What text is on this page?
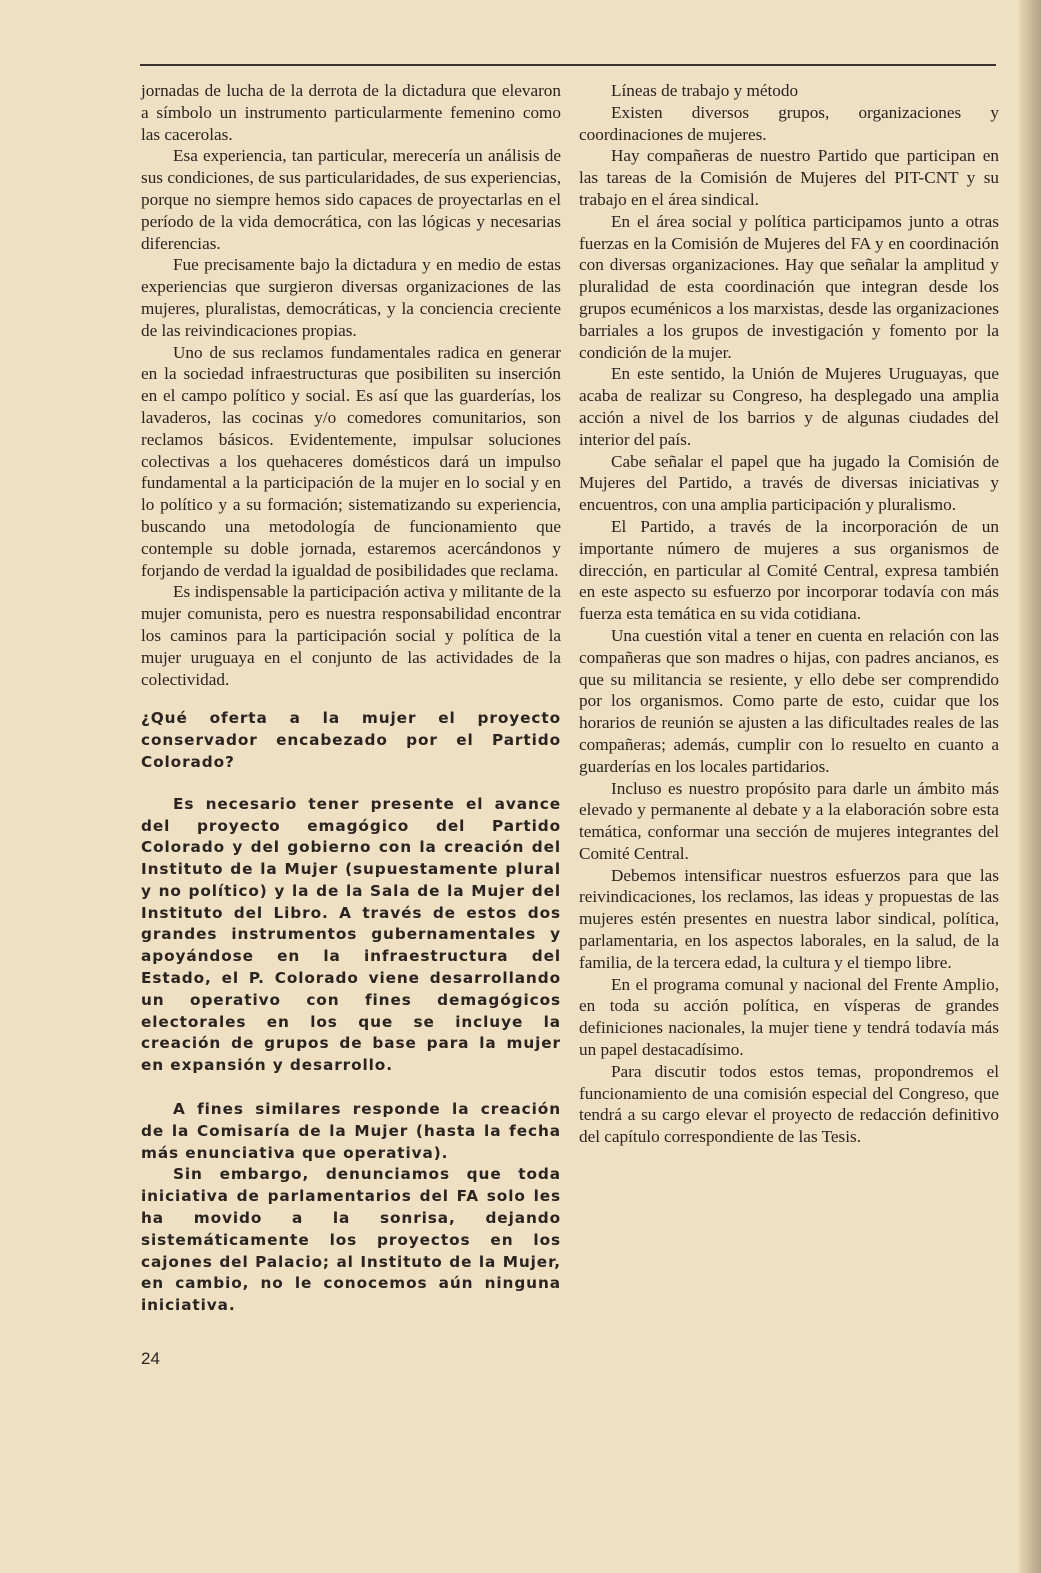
jornadas de lucha de la derrota de la dictadura que elevaron a símbolo un instrumento particularmente femenino como las cacerolas.

Esa experiencia, tan particular, merecería un análisis de sus condiciones, de sus particularidades, de sus experiencias, porque no siempre hemos sido capaces de proyectarlas en el período de la vida democrática, con las lógicas y necesarias diferencias.

Fue precisamente bajo la dictadura y en medio de estas experiencias que surgieron diversas organizaciones de las mujeres, pluralistas, democráticas, y la conciencia creciente de las reivindicaciones propias.

Uno de sus reclamos fundamentales radica en generar en la sociedad infraestructuras que posibiliten su inserción en el campo político y social. Es así que las guarderías, los lavaderos, las cocinas y/o comedores comunitarios, son reclamos básicos. Evidentemente, impulsar soluciones colectivas a los quehaceres domésticos dará un impulso fundamental a la participación de la mujer en lo social y en lo político y a su formación; sistematizando su experiencia, buscando una metodología de funcionamiento que contemple su doble jornada, estaremos acercándonos y forjando de verdad la igualdad de posibilidades que reclama.

Es indispensable la participación activa y militante de la mujer comunista, pero es nuestra responsabilidad encontrar los caminos para la participación social y política de la mujer uruguaya en el conjunto de las actividades de la colectividad.

¿Qué oferta a la mujer el proyecto conservador encabezado por el Partido Colorado?

Es necesario tener presente el avance del proyecto emagógico del Partido Colorado y del gobierno con la creación del Instituto de la Mujer (supuestamente plural y no político) y la de la Sala de la Mujer del Instituto del Libro. A través de estos dos grandes instrumentos gubernamentales y apoyándose en la infraestructura del Estado, el P. Colorado viene desarrollando un operativo con fines demagógicos electorales en los que se incluye la creación de grupos de base para la mujer en expansión y desarrollo.

A fines similares responde la creación de la Comisaría de la Mujer (hasta la fecha más enunciativa que operativa).

Sin embargo, denunciamos que toda iniciativa de parlamentarios del FA solo les ha movido a la sonrisa, dejando sistemáticamente los proyectos en los cajones del Palacio; al Instituto de la Mujer, en cambio, no le conocemos aún ninguna iniciativa.

Líneas de trabajo y método

Existen diversos grupos, organizaciones y coordinaciones de mujeres.

Hay compañeras de nuestro Partido que participan en las tareas de la Comisión de Mujeres del PIT-CNT y su trabajo en el área sindical.

En el área social y política participamos junto a otras fuerzas en la Comisión de Mujeres del FA y en coordinación con diversas organizaciones. Hay que señalar la amplitud y pluralidad de esta coordinación que integran desde los grupos ecuménicos a los marxistas, desde las organizaciones barriales a los grupos de investigación y fomento por la condición de la mujer.

En este sentido, la Unión de Mujeres Uruguayas, que acaba de realizar su Congreso, ha desplegado una amplia acción a nivel de los barrios y de algunas ciudades del interior del país.

Cabe señalar el papel que ha jugado la Comisión de Mujeres del Partido, a través de diversas iniciativas y encuentros, con una amplia participación y pluralismo.

El Partido, a través de la incorporación de un importante número de mujeres a sus organismos de dirección, en particular al Comité Central, expresa también en este aspecto su esfuerzo por incorporar todavía con más fuerza esta temática en su vida cotidiana.

Una cuestión vital a tener en cuenta en relación con las compañeras que son madres o hijas, con padres ancianos, es que su militancia se resiente, y ello debe ser comprendido por los organismos. Como parte de esto, cuidar que los horarios de reunión se ajusten a las dificultades reales de las compañeras; además, cumplir con lo resuelto en cuanto a guarderías en los locales partidarios.

Incluso es nuestro propósito para darle un ámbito más elevado y permanente al debate y a la elaboración sobre esta temática, conformar una sección de mujeres integrantes del Comité Central.

Debemos intensificar nuestros esfuerzos para que las reivindicaciones, los reclamos, las ideas y propuestas de las mujeres estén presentes en nuestra labor sindical, política, parlamentaria, en los aspectos laborales, en la salud, de la familia, de la tercera edad, la cultura y el tiempo libre.

En el programa comunal y nacional del Frente Amplio, en toda su acción política, en vísperas de grandes definiciones nacionales, la mujer tiene y tendrá todavía más un papel destacadísimo.

Para discutir todos estos temas, propondremos el funcionamiento de una comisión especial del Congreso, que tendrá a su cargo elevar el proyecto de redacción definitivo del capítulo correspondiente de las Tesis.

24
